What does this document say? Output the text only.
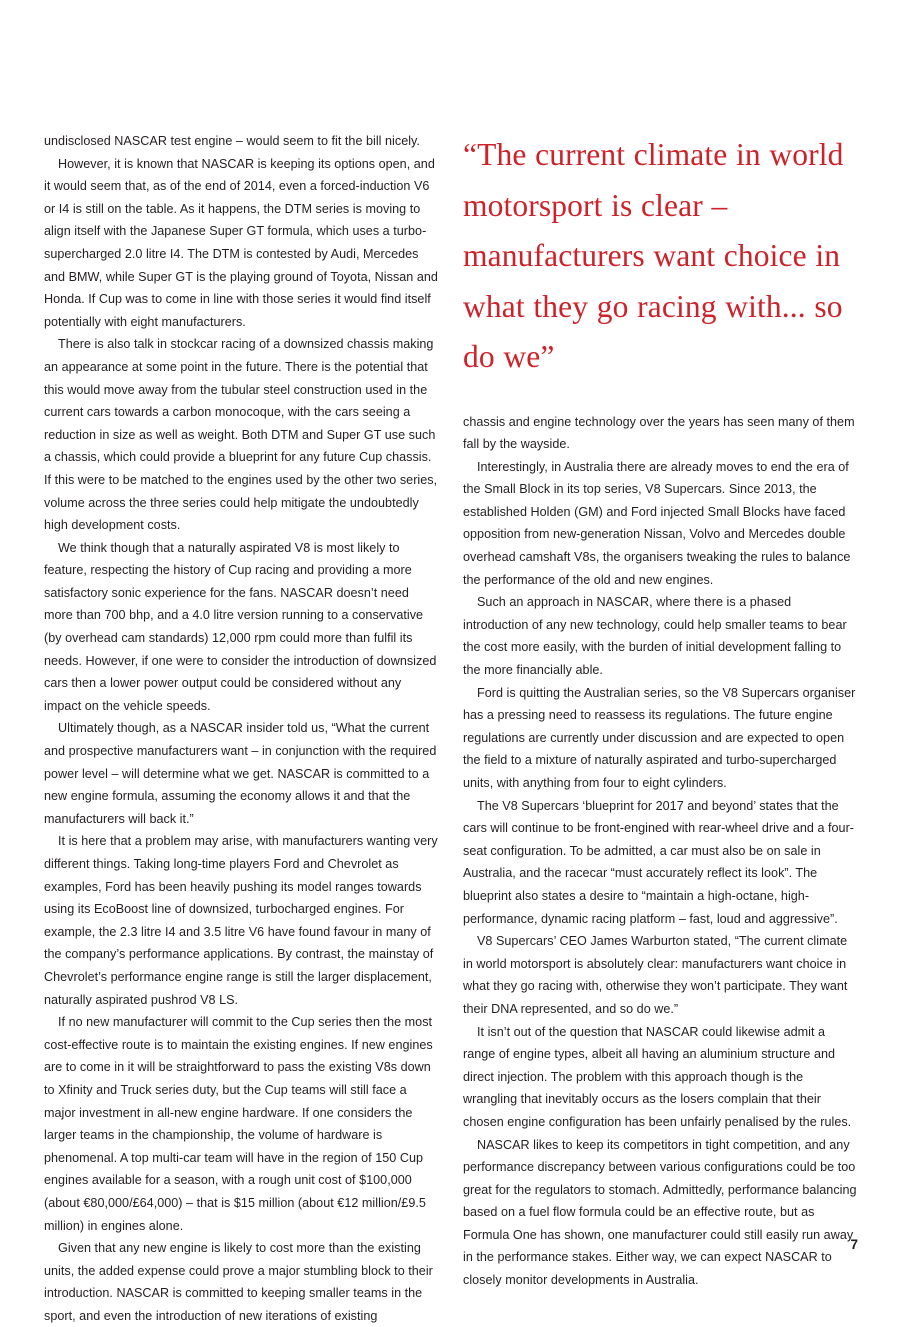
undisclosed NASCAR test engine – would seem to fit the bill nicely.

However, it is known that NASCAR is keeping its options open, and it would seem that, as of the end of 2014, even a forced-induction V6 or I4 is still on the table. As it happens, the DTM series is moving to align itself with the Japanese Super GT formula, which uses a turbo-supercharged 2.0 litre I4. The DTM is contested by Audi, Mercedes and BMW, while Super GT is the playing ground of Toyota, Nissan and Honda. If Cup was to come in line with those series it would find itself potentially with eight manufacturers.

There is also talk in stockcar racing of a downsized chassis making an appearance at some point in the future. There is the potential that this would move away from the tubular steel construction used in the current cars towards a carbon monocoque, with the cars seeing a reduction in size as well as weight. Both DTM and Super GT use such a chassis, which could provide a blueprint for any future Cup chassis. If this were to be matched to the engines used by the other two series, volume across the three series could help mitigate the undoubtedly high development costs.

We think though that a naturally aspirated V8 is most likely to feature, respecting the history of Cup racing and providing a more satisfactory sonic experience for the fans. NASCAR doesn’t need more than 700 bhp, and a 4.0 litre version running to a conservative (by overhead cam standards) 12,000 rpm could more than fulfil its needs. However, if one were to consider the introduction of downsized cars then a lower power output could be considered without any impact on the vehicle speeds.

Ultimately though, as a NASCAR insider told us, “What the current and prospective manufacturers want – in conjunction with the required power level – will determine what we get. NASCAR is committed to a new engine formula, assuming the economy allows it and that the manufacturers will back it.”

It is here that a problem may arise, with manufacturers wanting very different things. Taking long-time players Ford and Chevrolet as examples, Ford has been heavily pushing its model ranges towards using its EcoBoost line of downsized, turbocharged engines. For example, the 2.3 litre I4 and 3.5 litre V6 have found favour in many of the company’s performance applications. By contrast, the mainstay of Chevrolet’s performance engine range is still the larger displacement, naturally aspirated pushrod V8 LS.

If no new manufacturer will commit to the Cup series then the most cost-effective route is to maintain the existing engines. If new engines are to come in it will be straightforward to pass the existing V8s down to Xfinity and Truck series duty, but the Cup teams will still face a major investment in all-new engine hardware. If one considers the larger teams in the championship, the volume of hardware is phenomenal. A top multi-car team will have in the region of 150 Cup engines available for a season, with a rough unit cost of $100,000 (about €80,000/£64,000) – that is $15 million (about €12 million/£9.5 million) in engines alone.

Given that any new engine is likely to cost more than the existing units, the added expense could prove a major stumbling block to their introduction. NASCAR is committed to keeping smaller teams in the sport, and even the introduction of new iterations of existing

“The current climate in world motorsport is clear – manufacturers want choice in what they go racing with... so do we”

chassis and engine technology over the years has seen many of them fall by the wayside.

Interestingly, in Australia there are already moves to end the era of the Small Block in its top series, V8 Supercars. Since 2013, the established Holden (GM) and Ford injected Small Blocks have faced opposition from new-generation Nissan, Volvo and Mercedes double overhead camshaft V8s, the organisers tweaking the rules to balance the performance of the old and new engines.

Such an approach in NASCAR, where there is a phased introduction of any new technology, could help smaller teams to bear the cost more easily, with the burden of initial development falling to the more financially able.

Ford is quitting the Australian series, so the V8 Supercars organiser has a pressing need to reassess its regulations. The future engine regulations are currently under discussion and are expected to open the field to a mixture of naturally aspirated and turbo-supercharged units, with anything from four to eight cylinders.

The V8 Supercars ‘blueprint for 2017 and beyond’ states that the cars will continue to be front-engined with rear-wheel drive and a four-seat configuration. To be admitted, a car must also be on sale in Australia, and the racecar “must accurately reflect its look”. The blueprint also states a desire to “maintain a high-octane, high-performance, dynamic racing platform – fast, loud and aggressive”.

V8 Supercars’ CEO James Warburton stated, “The current climate in world motorsport is absolutely clear: manufacturers want choice in what they go racing with, otherwise they won’t participate. They want their DNA represented, and so do we.”

It isn’t out of the question that NASCAR could likewise admit a range of engine types, albeit all having an aluminium structure and direct injection. The problem with this approach though is the wrangling that inevitably occurs as the losers complain that their chosen engine configuration has been unfairly penalised by the rules.

NASCAR likes to keep its competitors in tight competition, and any performance discrepancy between various configurations could be too great for the regulators to stomach. Admittedly, performance balancing based on a fuel flow formula could be an effective route, but as Formula One has shown, one manufacturer could still easily run away in the performance stakes. Either way, we can expect NASCAR to closely monitor developments in Australia.

7
